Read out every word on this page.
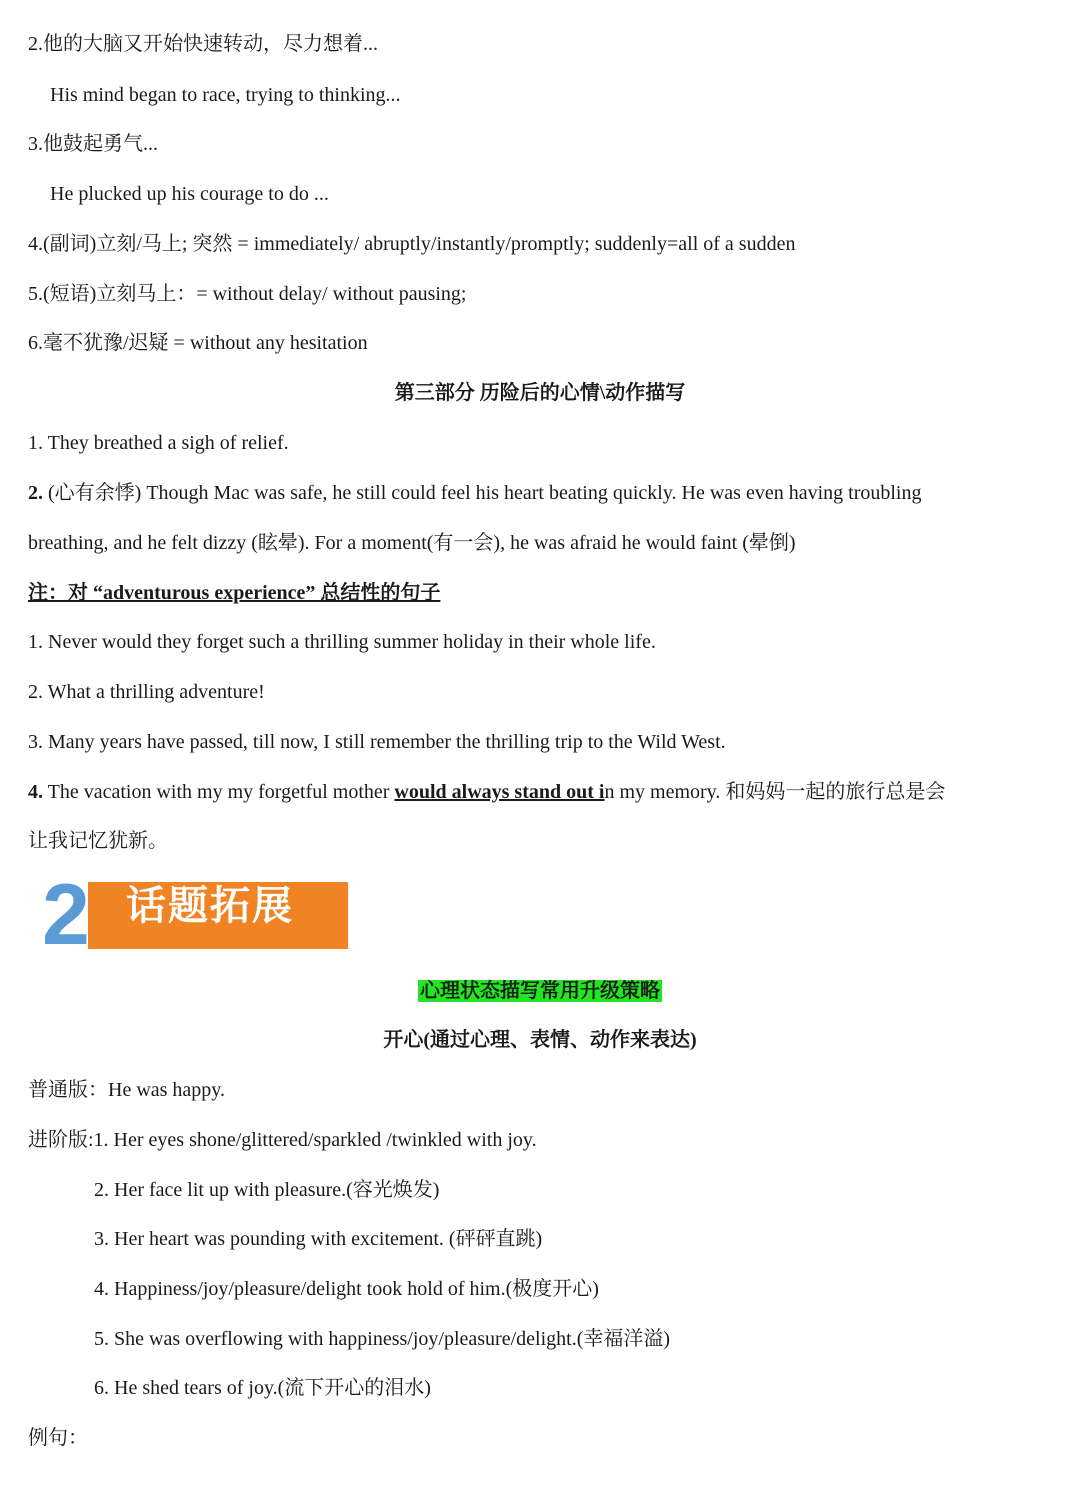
2.他的大脑又开始快速转动，尽力想着...
His mind began to race, trying to thinking...
3.他鼓起勇气...
He plucked up his courage to do ...
4.(副词)立刻/马上; 突然 = immediately/ abruptly/instantly/promptly; suddenly=all of a sudden
5.(短语)立刻马上：= without delay/ without pausing;
6.毫不犹豫/迟疑 = without any hesitation
第三部分 历险后的心情\动作描写
1. They breathed a sigh of relief.
2. (心有余悸) Though Mac was safe, he still could feel his heart beating quickly. He was even having troubling
breathing, and he felt dizzy (眩晕). For a moment(有一会), he was afraid he would faint (晕倒)
注：对 “adventurous experience” 总结性的句子
1. Never would they forget such a thrilling summer holiday in their whole life.
2. What a thrilling adventure!
3. Many years have passed, till now, I still remember the thrilling trip to the Wild West.
4. The vacation with my my forgetful mother would always stand out in my memory. 和妈妈一起的旅行总是会
让我记忆犹新。
2 话题拓展
心理状态描写常用升级策略
开心(通过心理、表情、动作来表达)
普通版：He was happy.
进阶版:1. Her eyes shone/glittered/sparkled /twinkled with joy.
2. Her face lit up with pleasure.(容光焕发)
3. Her heart was pounding with excitement. (砰砰直跳)
4. Happiness/joy/pleasure/delight took hold of him.(极度开心)
5. She was overflowing with happiness/joy/pleasure/delight.(幸福洋溢)
6. He shed tears of joy.(流下开心的泪水)
例句：
